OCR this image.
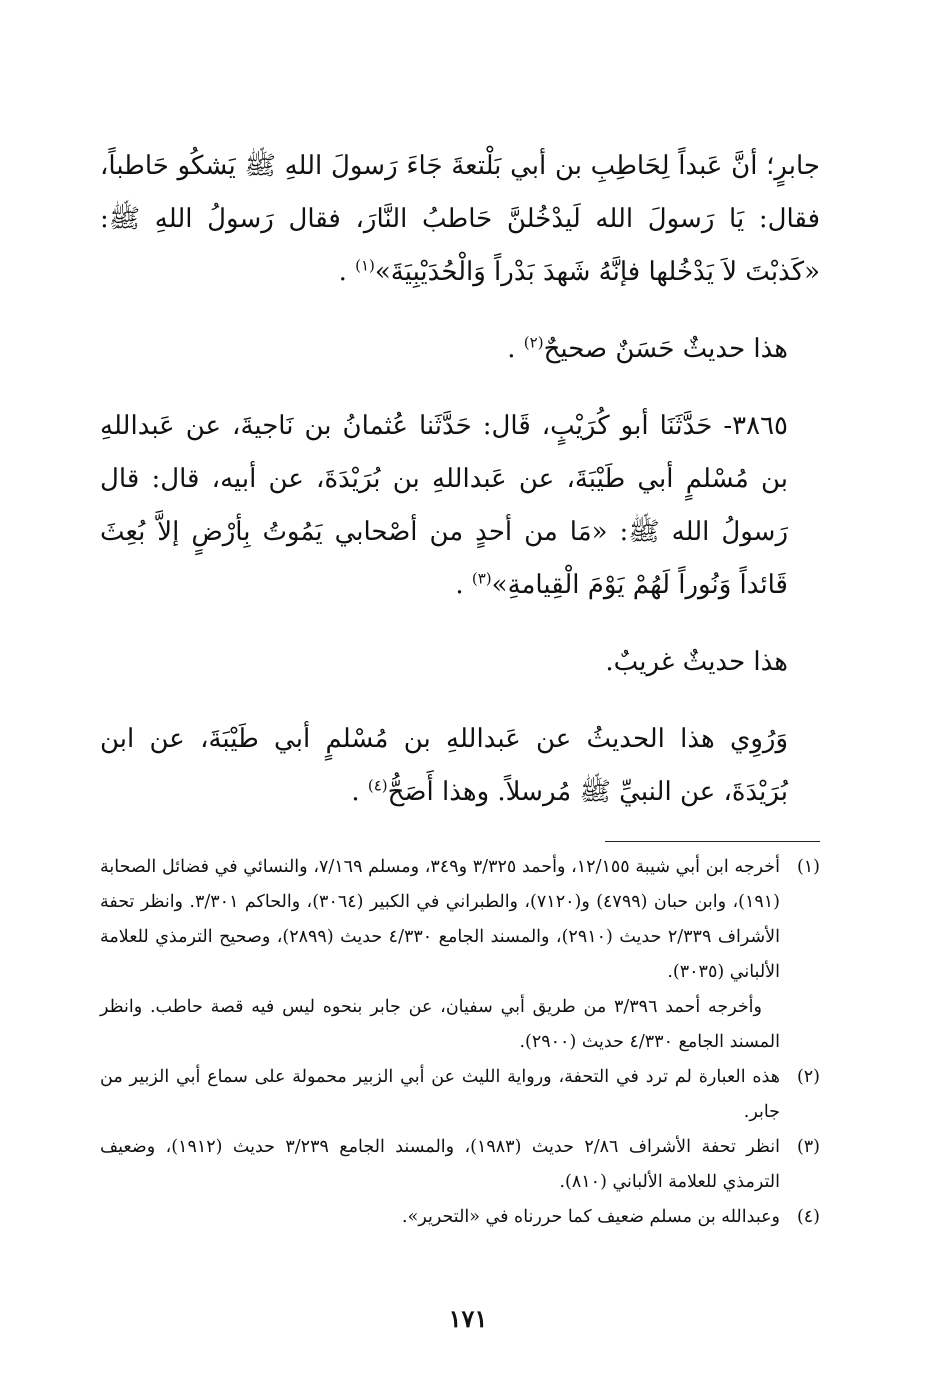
جابرٍ؛ أنَّ عَبداً لِحَاطِبِ بن أبي بَلْتعةَ جَاءَ رَسولَ اللهِ ﷺ يَشكُو حَاطباً، فقال: يَا رَسولَ الله لَيدْخُلنَّ حَاطبُ النَّارَ، فقال رَسولُ اللهِ ﷺ: «كَذبْتَ لاَ يَدْخُلها فإنَّهُ شَهدَ بَدْراً وَالْحُدَيْبِيَةَ»$^{(١)}$ .

هذا حديثٌ حَسَنٌ صحيحٌ$^{(٢)}$ .

٣٨٦٥- حَدَّثَنَا أبو كُرَيْبٍ، قَال: حَدَّثَنا عُثمانُ بن نَاجيةَ، عن عَبداللهِ بن مُسْلمٍ أبي طَيْبَةَ، عن عَبداللهِ بن بُرَيْدَةَ، عن أبيه، قال: قال رَسولُ الله ﷺ: «مَا من أحدٍ من أصْحابي يَمُوتُ بِأرْضٍ إلاَّ بُعِثَ قَائداً وَنُوراً لَهُمْ يَوْمَ الْقِيامةِ»$^{(٣)}$ .

هذا حديثٌ غريبٌ.

وَرُوِي هذا الحديثُ عن عَبداللهِ بن مُسْلمٍ أبي طَيْبَةَ، عن ابن بُرَيْدَةَ، عن النبيِّ ﷺ مُرسلاً. وهذا أَصَحُّ$^{(٤)}$ .

(١)
أخرجه ابن أبي شيبة ١٢/١٥٥، وأحمد ٣/٣٢٥ و٣٤٩، ومسلم ٧/١٦٩، والنسائي في فضائل الصحابة (١٩١)، وابن حبان (٤٧٩٩) و(٧١٢٠)، والطبراني في الكبير (٣٠٦٤)، والحاكم ٣/٣٠١. وانظر تحفة الأشراف ٢/٣٣٩ حديث (٢٩١٠)، والمسند الجامع ٤/٣٣٠ حديث (٢٨٩٩)، وصحيح الترمذي للعلامة الألباني (٣٠٣٥).
وأخرجه أحمد ٣/٣٩٦ من طريق أبي سفيان، عن جابر بنحوه ليس فيه قصة حاطب. وانظر المسند الجامع ٤/٣٣٠ حديث (٢٩٠٠).
(٢)
هذه العبارة لم ترد في التحفة، ورواية الليث عن أبي الزبير محمولة على سماع أبي الزبير من جابر.
(٣)
انظر تحفة الأشراف ٢/٨٦ حديث (١٩٨٣)، والمسند الجامع ٣/٢٣٩ حديث (١٩١٢)، وضعيف الترمذي للعلامة الألباني (٨١٠).
(٤)
وعبدالله بن مسلم ضعيف كما حررناه في «التحرير».
١٧١
